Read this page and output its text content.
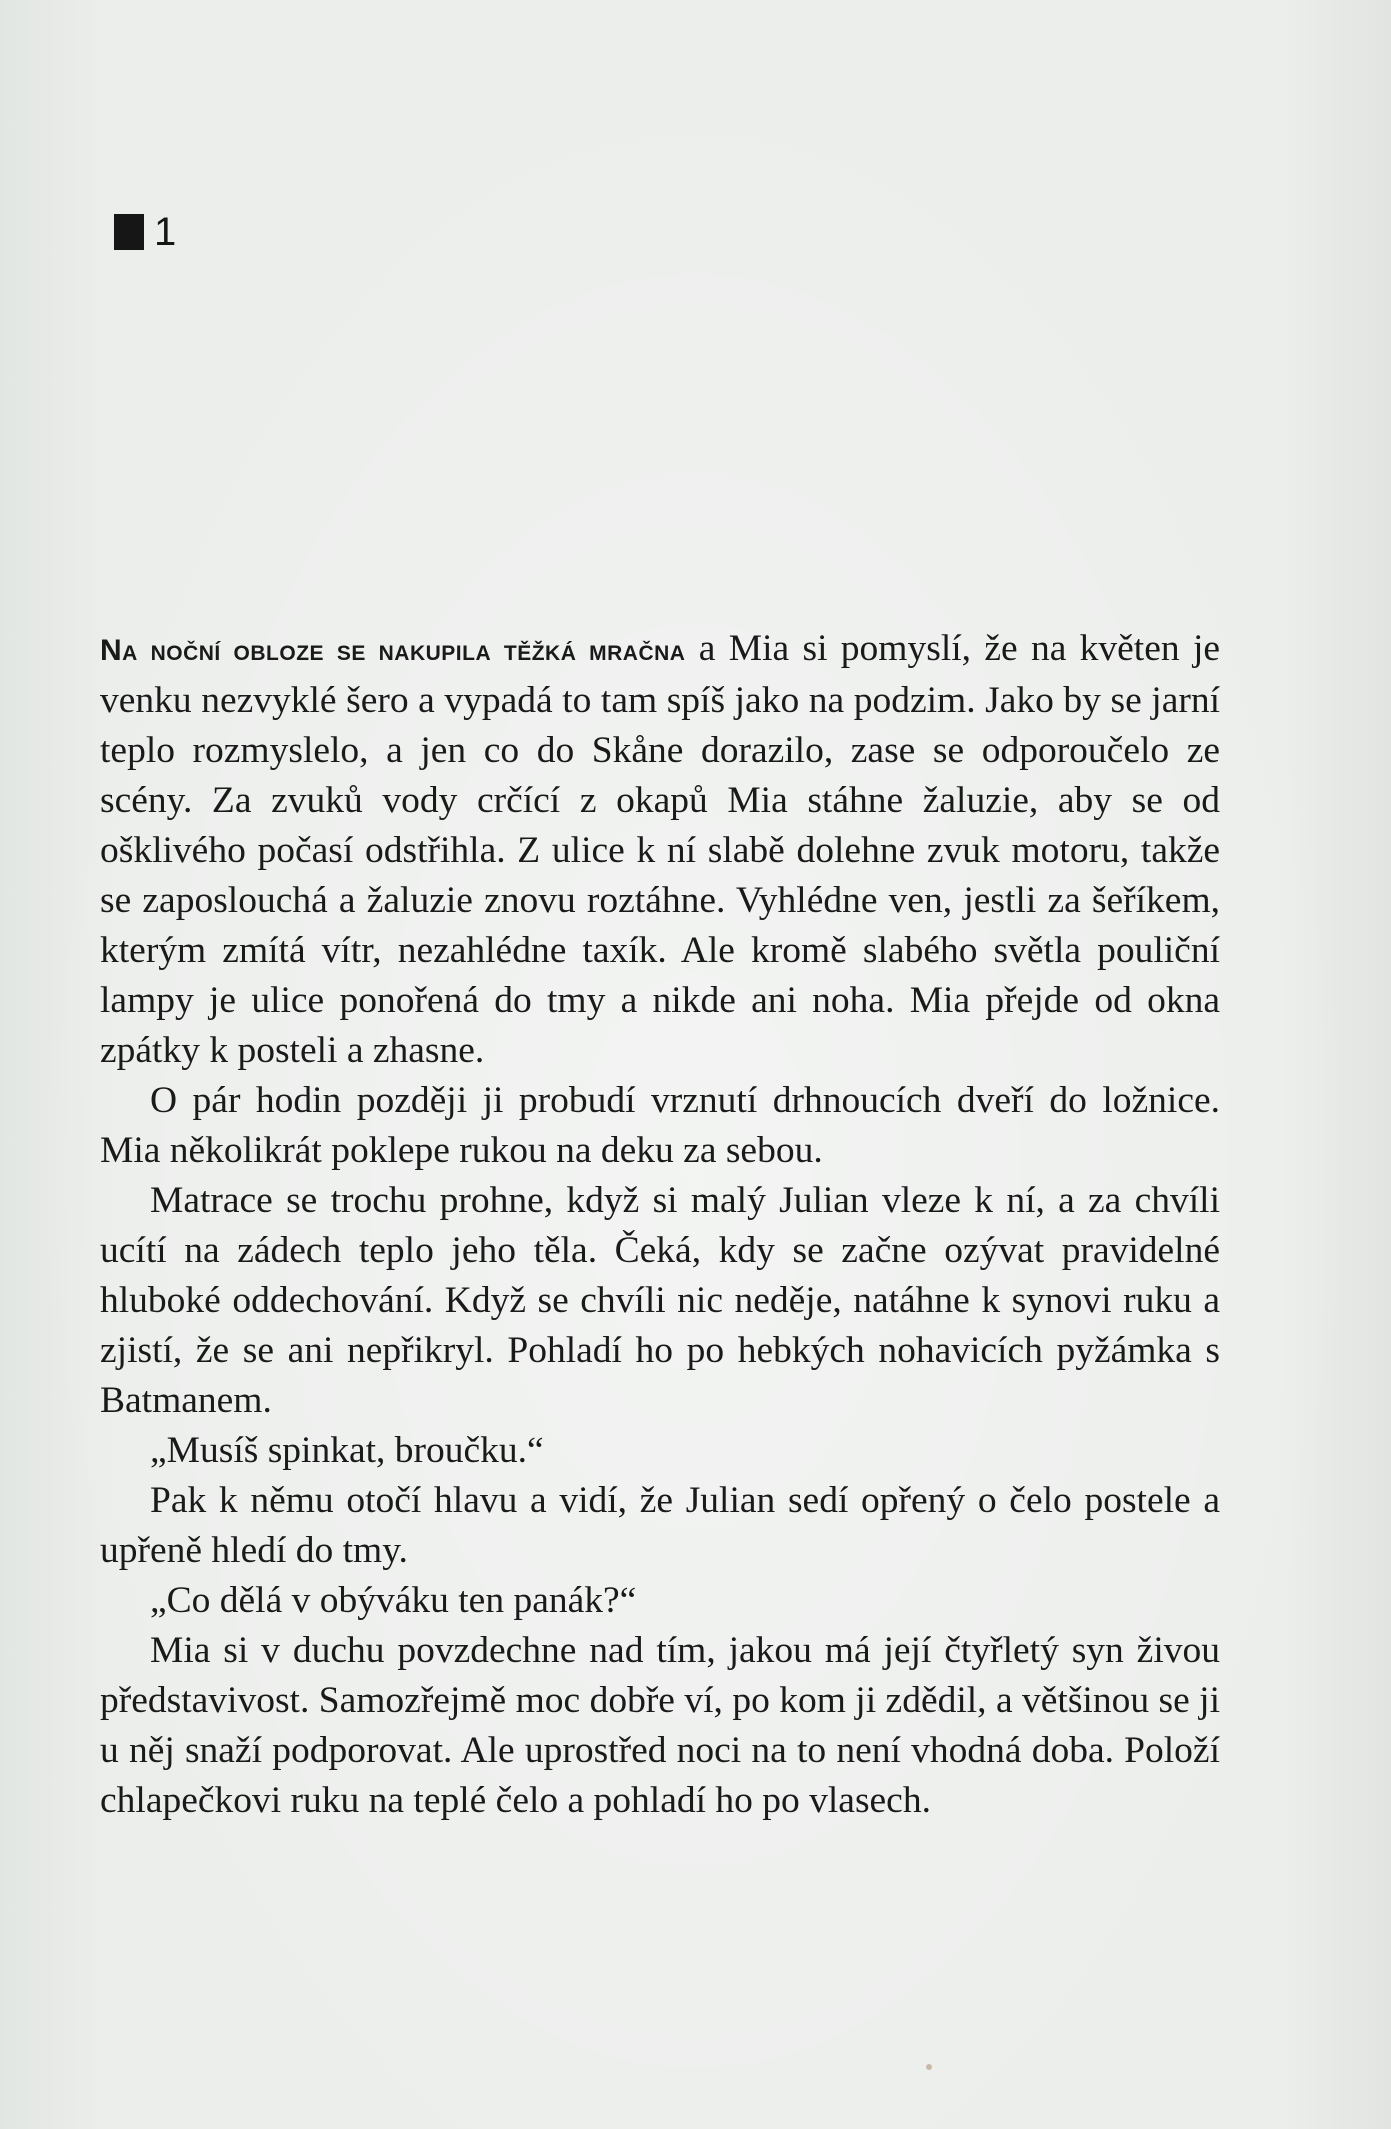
1

Na noční obloze se nakupila těžká mračna a Mia si pomyslí, že na květen je venku nezvyklé šero a vypadá to tam spíš jako na podzim. Jako by se jarní teplo rozmyslelo, a jen co do Skåne dorazilo, zase se odporoučelo ze scény. Za zvuků vody crčící z okapů Mia stáhne žaluzie, aby se od ošklivého počasí odstřihla. Z ulice k ní slabě dolehne zvuk motoru, takže se zaposlouchá a žaluzie znovu roztáhne. Vyhlédne ven, jestli za šeříkem, kterým zmítá vítr, nezahlédne taxík. Ale kromě slabého světla pouliční lampy je ulice ponořená do tmy a nikde ani noha. Mia přejde od okna zpátky k posteli a zhasne.

O pár hodin později ji probudí vrznutí drhnoucích dveří do ložnice. Mia několikrát poklepe rukou na deku za sebou.

Matrace se trochu prohne, když si malý Julian vleze k ní, a za chvíli ucítí na zádech teplo jeho těla. Čeká, kdy se začne ozývat pravidelné hluboké oddechování. Když se chvíli nic neděje, natáhne k synovi ruku a zjistí, že se ani nepřikryl. Pohladí ho po hebkých nohavicích pyžámka s Batmanem.

„Musíš spinkat, broučku.“

Pak k němu otočí hlavu a vidí, že Julian sedí opřený o čelo postele a upřeně hledí do tmy.

„Co dělá v obýváku ten panák?“

Mia si v duchu povzdechne nad tím, jakou má její čtyřletý syn živou představivost. Samozřejmě moc dobře ví, po kom ji zdědil, a většinou se ji u něj snaží podporovat. Ale uprostřed noci na to není vhodná doba. Položí chlapečkovi ruku na teplé čelo a pohladí ho po vlasech.
